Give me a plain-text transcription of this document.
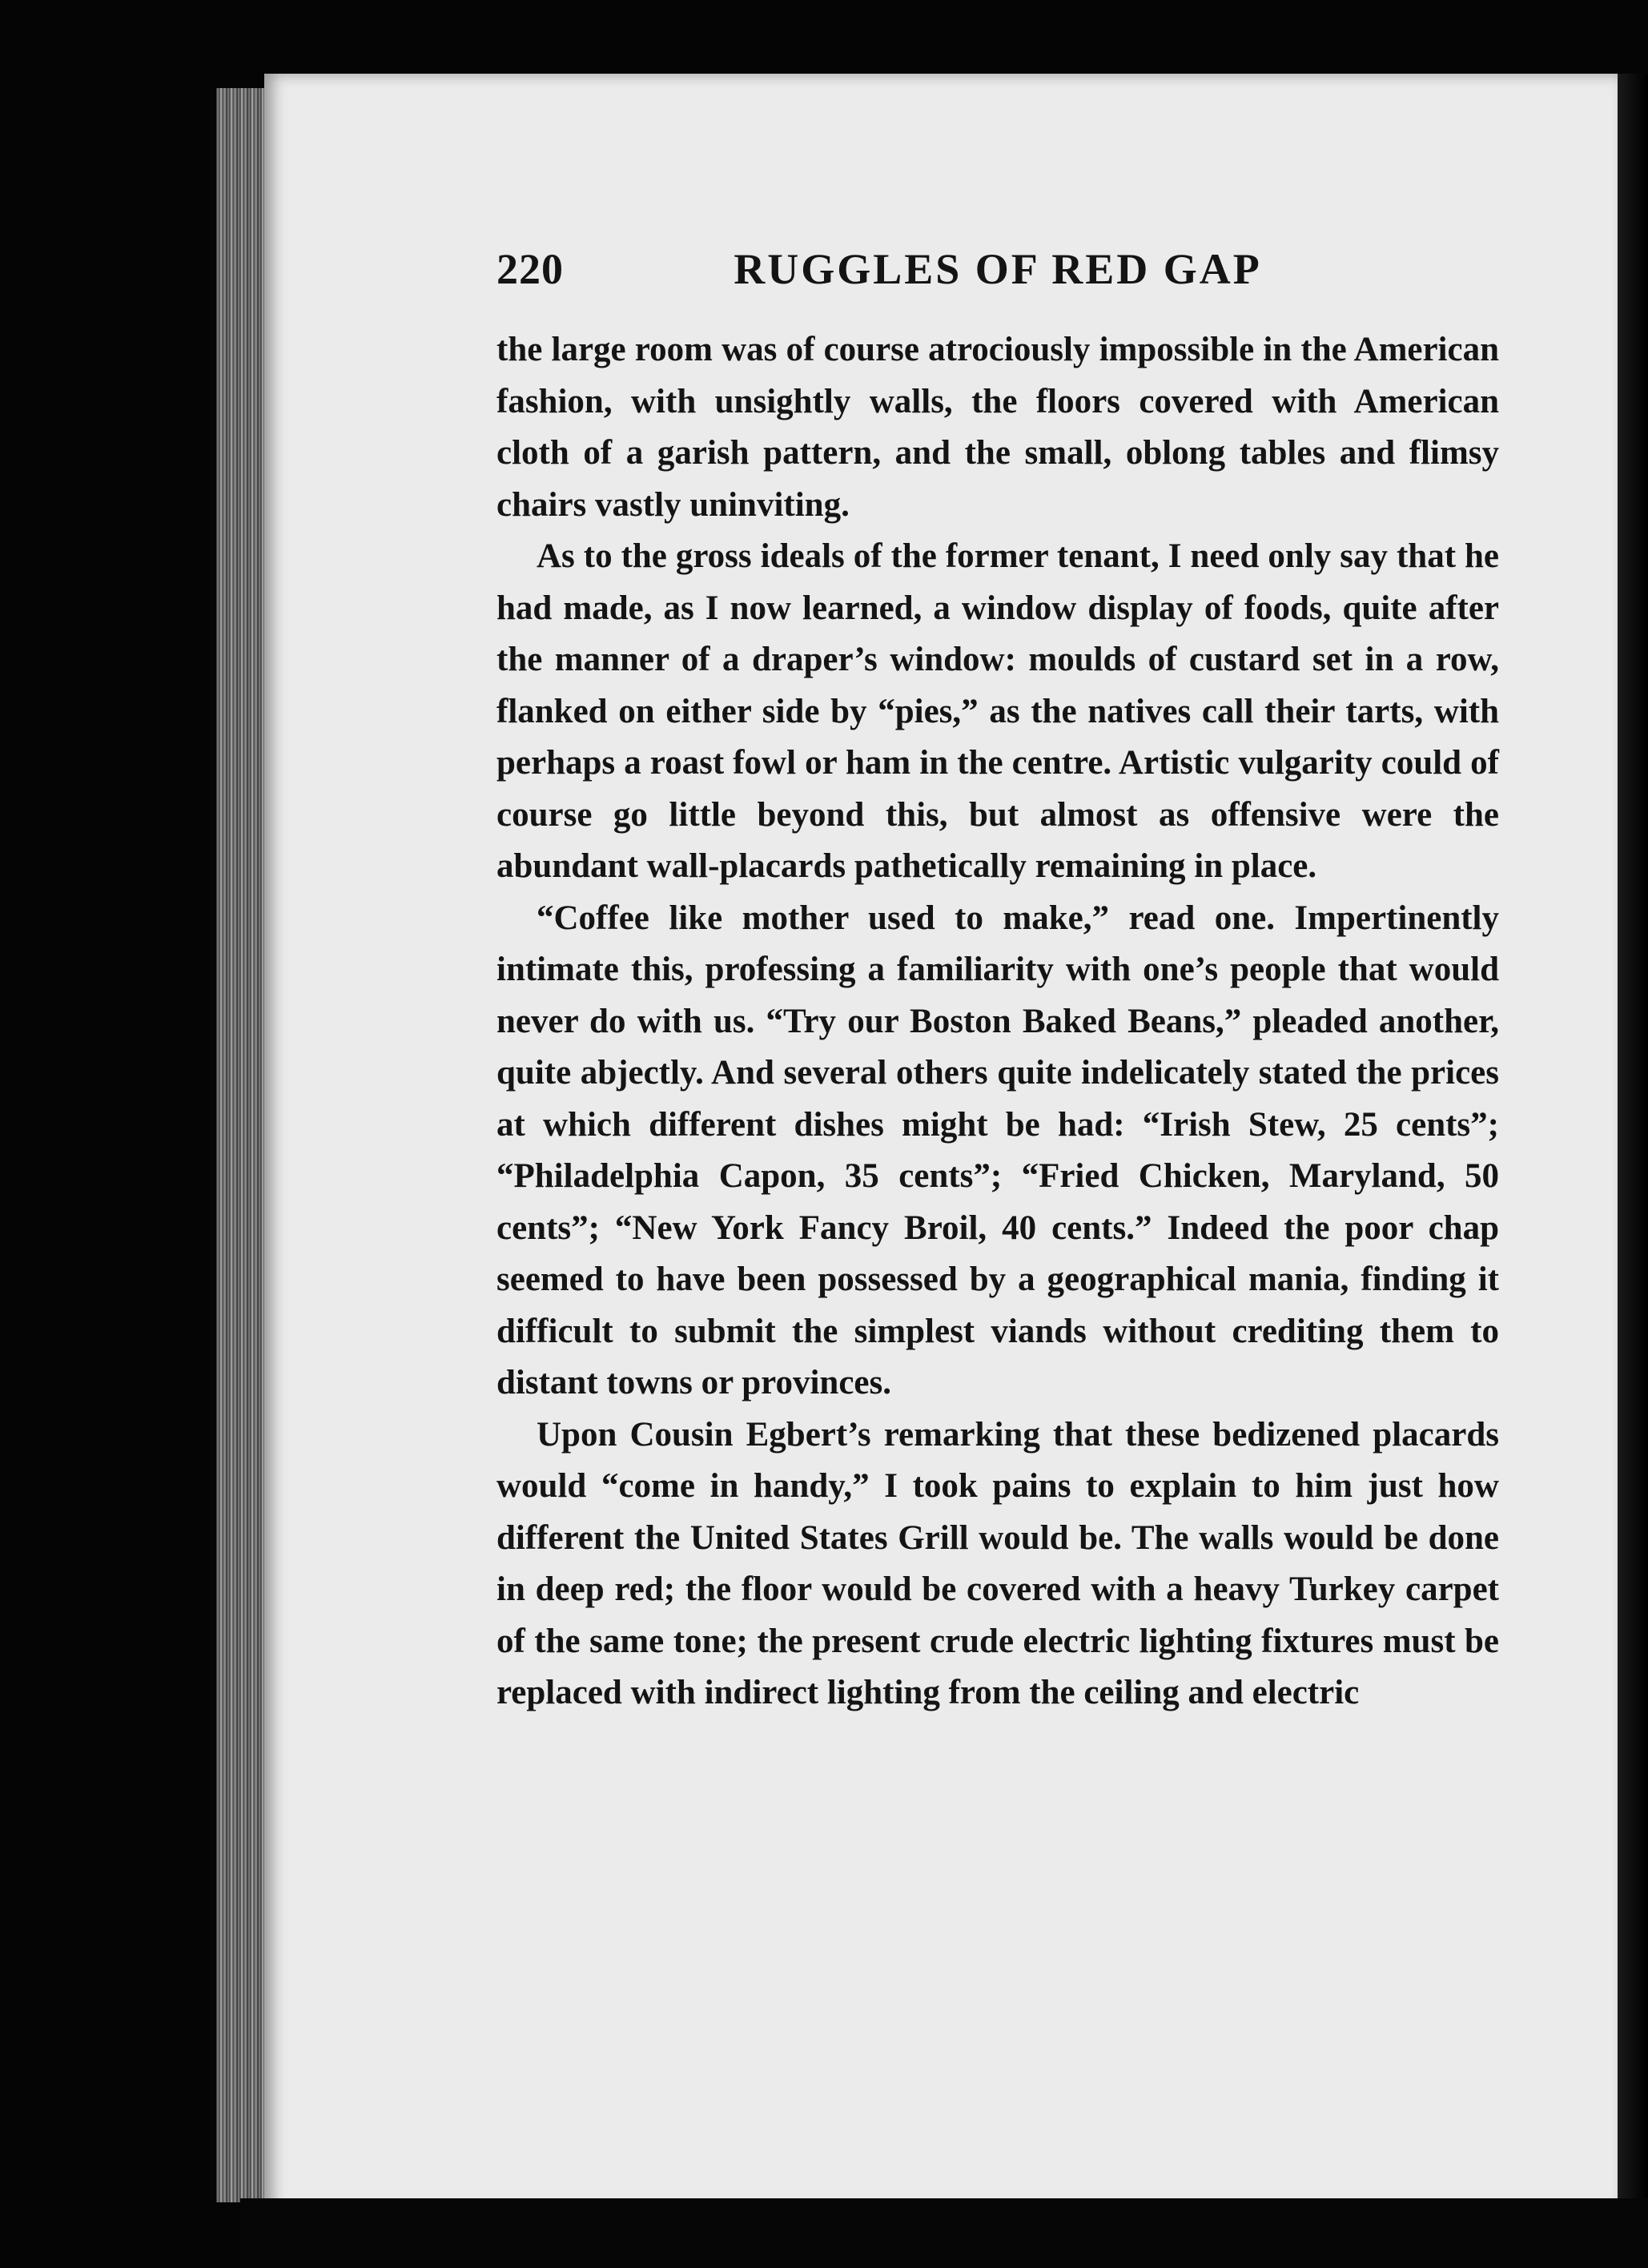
220	RUGGLES OF RED GAP

the large room was of course atrociously impossible in the American fashion, with unsightly walls, the floors covered with American cloth of a garish pattern, and the small, oblong tables and flimsy chairs vastly uninviting.

As to the gross ideals of the former tenant, I need only say that he had made, as I now learned, a window display of foods, quite after the manner of a draper’s window: moulds of custard set in a row, flanked on either side by “pies,” as the natives call their tarts, with perhaps a roast fowl or ham in the centre. Artistic vulgarity could of course go little beyond this, but almost as offensive were the abundant wall-placards pathetically remaining in place.

“Coffee like mother used to make,” read one. Impertinently intimate this, professing a familiarity with one’s people that would never do with us. “Try our Boston Baked Beans,” pleaded another, quite abjectly. And several others quite indelicately stated the prices at which different dishes might be had: “Irish Stew, 25 cents”; “Philadelphia Capon, 35 cents”; “Fried Chicken, Maryland, 50 cents”; “New York Fancy Broil, 40 cents.” Indeed the poor chap seemed to have been possessed by a geographical mania, finding it difficult to submit the simplest viands without crediting them to distant towns or provinces.

Upon Cousin Egbert’s remarking that these bedizened placards would “come in handy,” I took pains to explain to him just how different the United States Grill would be. The walls would be done in deep red; the floor would be covered with a heavy Turkey carpet of the same tone; the present crude electric lighting fixtures must be replaced with indirect lighting from the ceiling and electric
